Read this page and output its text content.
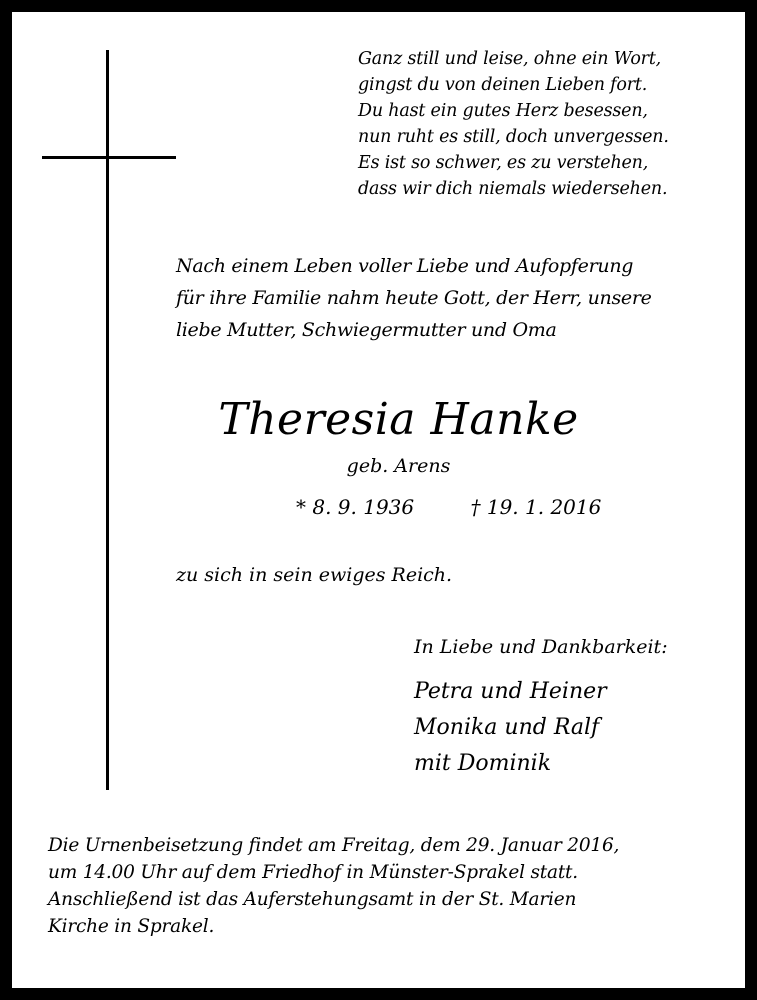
Ganz still und leise, ohne ein Wort,
gingst du von deinen Lieben fort.
Du hast ein gutes Herz besessen,
nun ruht es still, doch unvergessen.
Es ist so schwer, es zu verstehen,
dass wir dich niemals wiedersehen.
Nach einem Leben voller Liebe und Aufopferung
für ihre Familie nahm heute Gott, der Herr, unsere
liebe Mutter, Schwiegermutter und Oma
Theresia Hanke
geb. Arens
* 8. 9. 1936	† 19. 1. 2016
zu sich in sein ewiges Reich.
In Liebe und Dankbarkeit:
Petra und Heiner
Monika und Ralf
mit Dominik
Die Urnenbeisetzung findet am Freitag, dem 29. Januar 2016,
um 14.00 Uhr auf dem Friedhof in Münster-Sprakel statt.
Anschließend ist das Auferstehungsamt in der St. Marien
Kirche in Sprakel.
